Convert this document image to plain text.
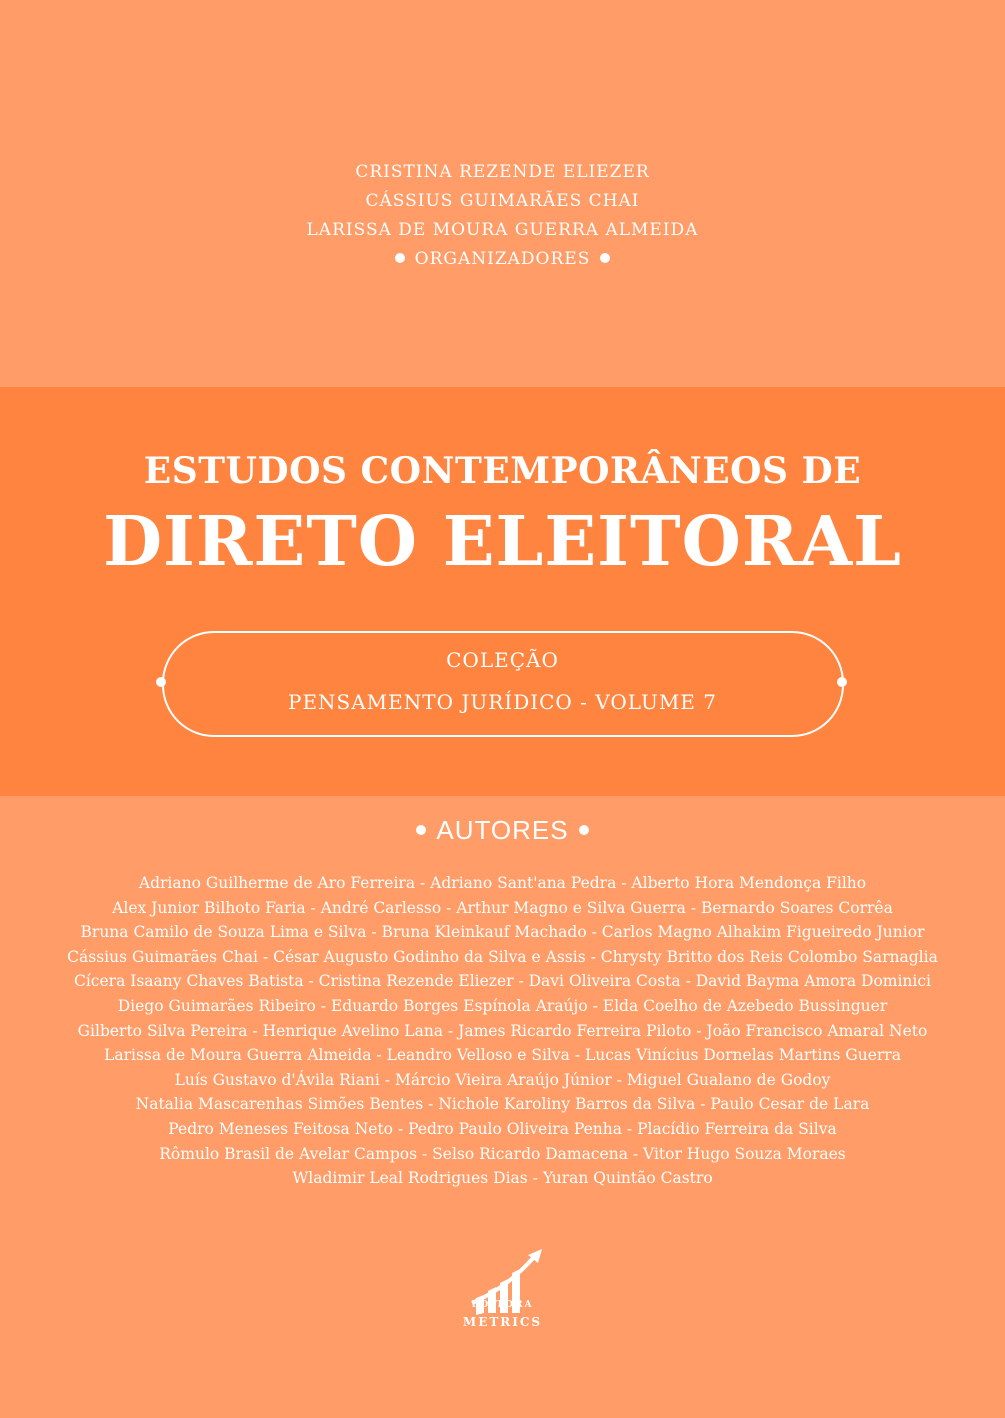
CRISTINA REZENDE ELIEZER
CÁSSIUS GUIMARÃES CHAI
LARISSA DE MOURA GUERRA ALMEIDA
ORGANIZADORES
ESTUDOS CONTEMPORÂNEOS DE
DIRETO ELEITORAL
COLEÇÃO
PENSAMENTO JURÍDICO - VOLUME 7
AUTORES
Adriano Guilherme de Aro Ferreira - Adriano Sant'ana Pedra - Alberto Hora Mendonça Filho
Alex Junior Bilhoto Faria - André Carlesso - Arthur Magno e Silva Guerra - Bernardo Soares Corrêa
Bruna Camilo de Souza Lima e Silva - Bruna Kleinkauf Machado - Carlos Magno Alhakim Figueiredo Junior
Cássius Guimarães Chai - César Augusto Godinho da Silva e Assis - Chrysty Britto dos Reis Colombo Sarnaglia
Cícera Isaany Chaves Batista - Cristina Rezende Eliezer - Davi Oliveira Costa - David Bayma Amora Dominici
Diego Guimarães Ribeiro - Eduardo Borges Espínola Araújo - Elda Coelho de Azebedo Bussinguer
Gilberto Silva Pereira - Henrique Avelino Lana - James Ricardo Ferreira Piloto - João Francisco Amaral Neto
Larissa de Moura Guerra Almeida - Leandro Velloso e Silva - Lucas Vinícius Dornelas Martins Guerra
Luís Gustavo d'Ávila Riani - Márcio Vieira Araújo Júnior - Miguel Gualano de Godoy
Natalia Mascarenhas Simões Bentes - Nichole Karoliny Barros da Silva - Paulo Cesar de Lara
Pedro Meneses Feitosa Neto - Pedro Paulo Oliveira Penha - Placídio Ferreira da Silva
Rômulo Brasil de Avelar Campos - Selso Ricardo Damacena - Vitor Hugo Souza Moraes
Wladimir Leal Rodrigues Dias - Yuran Quintão Castro
EDITORA
METRICS
